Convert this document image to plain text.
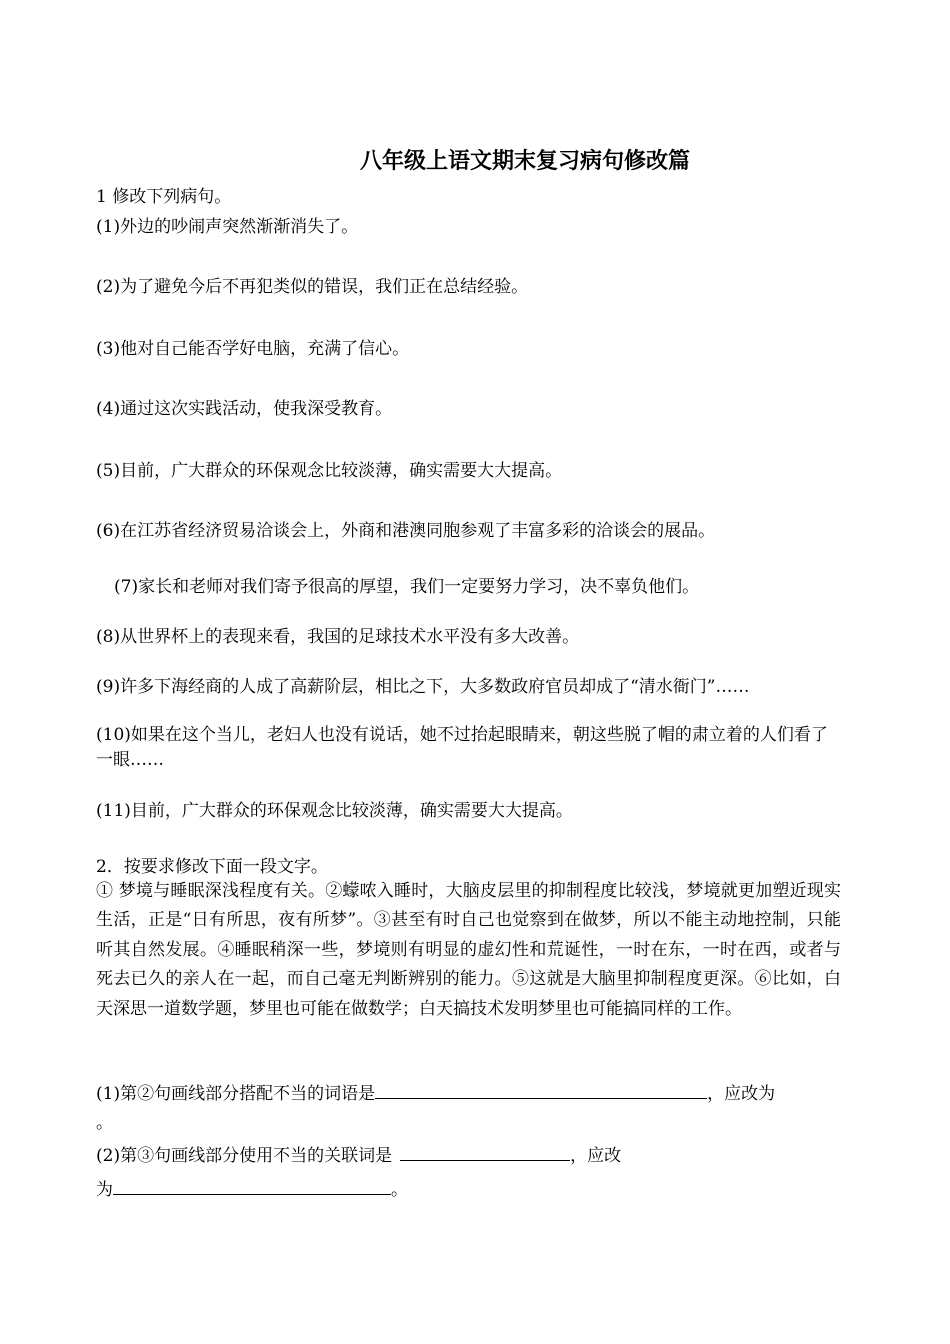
八年级上语文期末复习病句修改篇
1 修改下列病句。
(1)外边的吵闹声突然渐渐消失了。
(2)为了避免今后不再犯类似的错误，我们正在总结经验。
(3)他对自己能否学好电脑，充满了信心。
(4)通过这次实践活动，使我深受教育。
(5)目前，广大群众的环保观念比较淡薄，确实需要大大提高。
(6)在江苏省经济贸易洽谈会上，外商和港澳同胞参观了丰富多彩的洽谈会的展品。
(7)家长和老师对我们寄予很高的厚望，我们一定要努力学习，决不辜负他们。
(8)从世界杯上的表现来看，我国的足球技术水平没有多大改善。
(9)许多下海经商的人成了高薪阶层，相比之下，大多数政府官员却成了“清水衙门”……
(10)如果在这个当儿，老妇人也没有说话，她不过抬起眼睛来，朝这些脱了帽的肃立着的人们看了一眼……
(11)目前，广大群众的环保观念比较淡薄，确实需要大大提高。
2．按要求修改下面一段文字。
① 梦境与睡眠深浅程度有关。②蠓哝入睡时，大脑皮层里的抑制程度比较浅，梦境就更加塑近现实生活，正是“日有所思，夜有所梦”。③甚至有时自己也觉察到在做梦，所以不能主动地控制，只能听其自然发展。④睡眠稍深一些，梦境则有明显的虚幻性和荒诞性，一时在东，一时在西，或者与死去已久的亲人在一起，而自己毫无判断辨别的能力。⑤这就是大脑里抑制程度更深。⑥比如，白天深思一道数学题，梦里也可能在做数学；白天搞技术发明梦里也可能搞同样的工作。
(1)第②句画线部分搭配不当的词语是	，应改为
。
(2)第③句画线部分使用不当的关联词是	，应改
为	。
